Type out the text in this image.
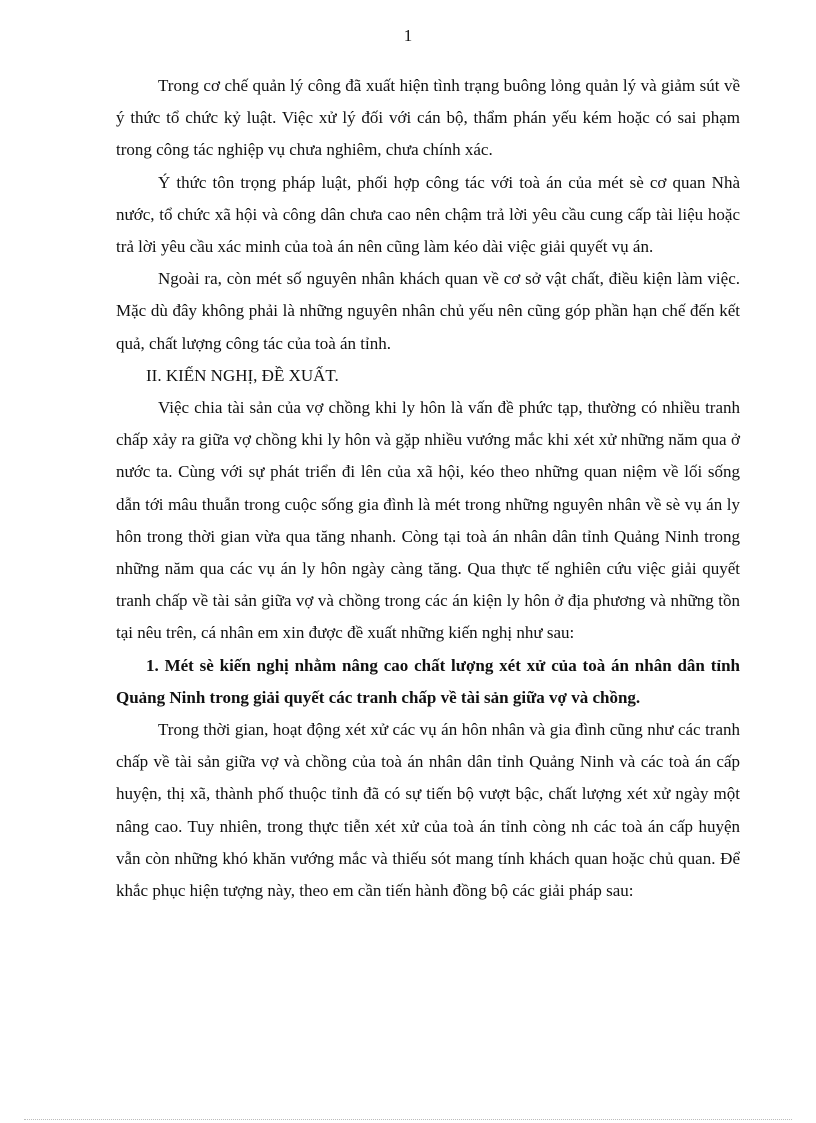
1

Trong cơ chế quản lý công đã xuất hiện tình trạng buông lỏng quản lý và giảm sút về ý thức tổ chức kỷ luật. Việc xử lý đối với cán bộ, thẩm phán yếu kém hoặc có sai phạm trong công tác nghiệp vụ chưa nghiêm, chưa chính xác.

Ý thức tôn trọng pháp luật, phối hợp công tác với toà án của mét sè cơ quan Nhà nước, tổ chức xã hội và công dân chưa cao nên chậm trả lời yêu cầu cung cấp tài liệu hoặc trả lời yêu cầu xác minh của toà án nên cũng làm kéo dài việc giải quyết vụ án.

Ngoài ra, còn mét số nguyên nhân khách quan về cơ sở vật chất, điều kiện làm việc. Mặc dù đây không phải là những nguyên nhân chủ yếu nên cũng góp phần hạn chế đến kết quả, chất lượng công tác của toà án tỉnh.

II. KIẾN NGHỊ, ĐỀ XUẤT.

Việc chia tài sản của vợ chồng khi ly hôn là vấn đề phức tạp, thường có nhiều tranh chấp xảy ra giữa vợ chồng khi ly hôn và gặp nhiều vướng mắc khi xét xử những năm qua ở nước ta. Cùng với sự phát triển đi lên của xã hội, kéo theo những quan niệm về lối sống dẫn tới mâu thuẫn trong cuộc sống gia đình là mét trong những nguyên nhân về sè vụ án ly hôn trong thời gian vừa qua tăng nhanh. Còng tại toà án nhân dân tỉnh Quảng Ninh trong những năm qua các vụ án ly hôn ngày càng tăng. Qua thực tế nghiên cứu việc giải quyết tranh chấp về tài sản giữa vợ và chồng trong các án kiện ly hôn ở địa phương và những tồn tại nêu trên, cá nhân em xin được đề xuất những kiến nghị như sau:

1. Mét sè kiến nghị nhằm nâng cao chất lượng xét xử của toà án nhân dân tỉnh Quảng Ninh trong giải quyết các tranh chấp về tài sản giữa vợ và chồng.

Trong thời gian, hoạt động xét xử các vụ án hôn nhân và gia đình cũng như các tranh chấp về tài sản giữa vợ và chồng của toà án nhân dân tỉnh Quảng Ninh và các toà án cấp huyện, thị xã, thành phố thuộc tỉnh đã có sự tiến bộ vượt bậc, chất lượng xét xử ngày một nâng cao. Tuy nhiên, trong thực tiễn xét xử của toà án tỉnh còng nh các toà án cấp huyện vẫn còn những khó khăn vướng mắc và thiếu sót mang tính khách quan hoặc chủ quan. Để khắc phục hiện tượng này, theo em cần tiến hành đồng bộ các giải pháp sau:
